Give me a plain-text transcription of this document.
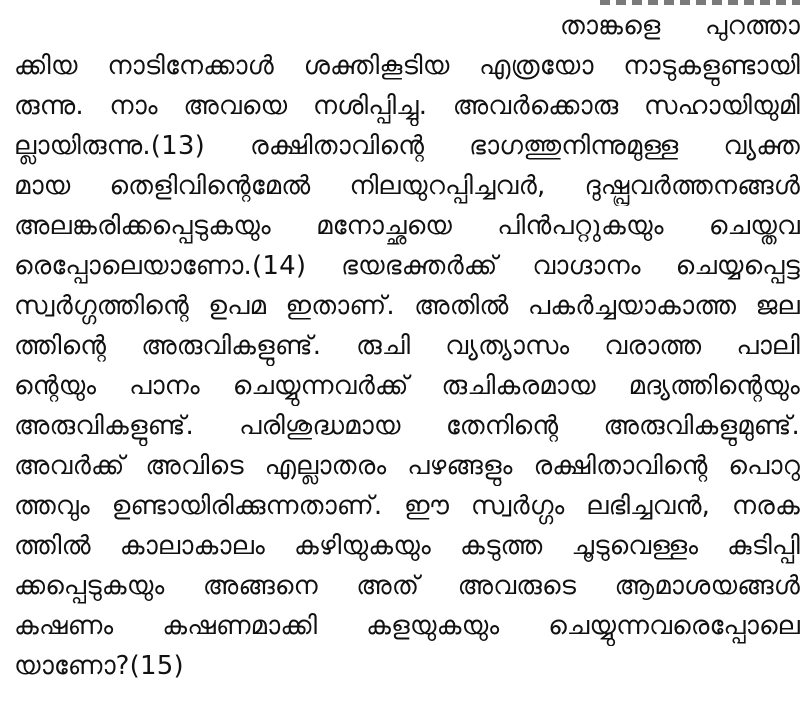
താങ്കളെ പുറത്താ
ക്കിയ നാടിനേക്കാൾ ശക്തികൂടിയ എത്രയോ നാടുകളുണ്ടായി
രുന്നു. നാം അവയെ നശിപ്പിച്ചു. അവർക്കൊരു സഹായിയുമി
ല്ലായിരുന്നു.(13) രക്ഷിതാവിന്റെ ഭാഗത്തുനിന്നുമുള്ള വ്യക്ത
മായ തെളിവിന്റെമേൽ നിലയുറപ്പിച്ചവർ, ദുഷ്പ്രവർത്തനങ്ങൾ
അലങ്കരിക്കപ്പെടുകയും മനോച്ഛയെ പിൻപറ്റുകയും ചെയ്തവ
രെപ്പോലെയാണോ.(14) ഭയഭക്തർക്ക് വാഗ്ദാനം ചെയ്യപ്പെട്ട
സ്വർഗ്ഗത്തിന്റെ ഉപമ ഇതാണ്. അതിൽ പകർച്ചയാകാത്ത ജല
ത്തിന്റെ അരുവികളുണ്ട്. രുചി വ്യത്യാസം വരാത്ത പാലി
ന്റെയും പാനം ചെയ്യുന്നവർക്ക് രുചികരമായ മദ്യത്തിന്റെയും
അരുവികളുണ്ട്. പരിശുദ്ധമായ തേനിന്റെ അരുവികളുമുണ്ട്.
അവർക്ക് അവിടെ എല്ലാതരം പഴങ്ങളും രക്ഷിതാവിന്റെ പൊറു
ത്തവും ഉണ്ടായിരിക്കുന്നതാണ്. ഈ സ്വർഗ്ഗം ലഭിച്ചവൻ, നരക
ത്തിൽ കാലാകാലം കഴിയുകയും കടുത്ത ചൂടുവെള്ളം കുടിപ്പി
ക്കപ്പെടുകയും അങ്ങനെ അത് അവരുടെ ആമാശയങ്ങൾ
കഷണം കഷണമാക്കി കളയുകയും ചെയ്യുന്നവരെപ്പോലെ
യാണോ?(15)
